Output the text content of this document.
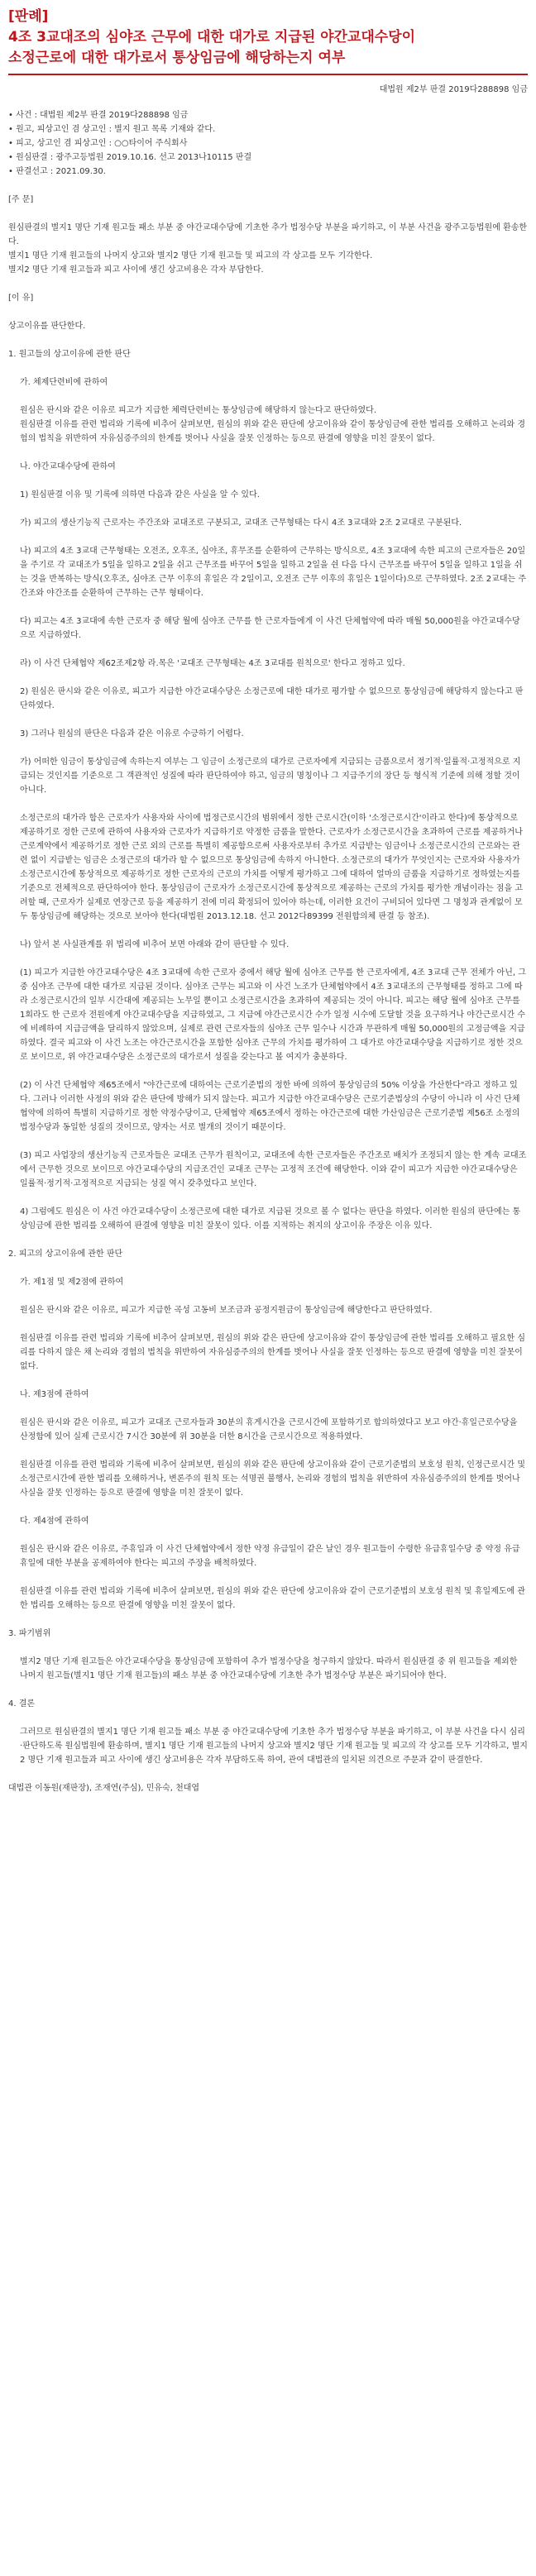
[판례]

4조 3교대조의 심야조 근무에 대한 대가로 지급된 야간교대수당이

소정근로에 대한 대가로서 통상임금에 해당하는지 여부

대법원 제2부 판결 2019다288898 임금

• 사건 : 대법원 제2부 판결 2019다288898 임금
• 원고, 피상고인 겸 상고인 : 별지 원고 목록 기재와 같다.
• 피고, 상고인 겸 피상고인 : ○○타이어 주식회사
• 원심판결 : 광주고등법원 2019.10.16. 선고 2013나10115 판결
• 판결선고 : 2021.09.30.

[주 문]

원심판결의 별지1 명단 기재 원고들 패소 부분 중 야간교대수당에 기초한 추가 법정수당 부분을 파기하고, 이 부분 사건을 광주고등법원에 환송한다.

별지1 명단 기재 원고들의 나머지 상고와 별지2 명단 기재 원고들 및 피고의 각 상고를 모두 기각한다.

별지2 명단 기재 원고들과 피고 사이에 생긴 상고비용은 각자 부담한다.

[이 유]

상고이유를 판단한다.

1. 원고들의 상고이유에 관한 판단

가. 체제단련비에 관하여

원심은 판시와 같은 이유로 피고가 지급한 체력단련비는 통상임금에 해당하지 않는다고 판단하였다.

원심판결 이유를 관련 법리와 기록에 비추어 살펴보면, 원심의 위와 같은 판단에 상고이유와 같이 통상임금에 관한 법리를 오해하고 논리와 경험의 법칙을 위반하여 자유심증주의의 한계를 벗어나 사실을 잘못 인정하는 등으로 판결에 영향을 미친 잘못이 없다.

나. 야간교대수당에 관하여

1) 원심판결 이유 및 기록에 의하면 다음과 같은 사실을 알 수 있다.

가) 피고의 생산기능직 근로자는 주간조와 교대조로 구분되고, 교대조 근무형태는 다시 4조 3교대와 2조 2교대로 구분된다.

나) 피고의 4조 3교대 근무형태는 오전조, 오후조, 심야조, 휴무조를 순환하여 근무하는 방식으로, 4조 3교대에 속한 피고의 근로자들은 20일을 주기로 각 교대조가 5일을 일하고 2일을 쉬고 근무조를 바꾸어 5일을 일하고 2일을 쉰 다음 다시 근무조를 바꾸어 5일을 일하고 1일을 쉬는 것을 반복하는 방식(오후조, 심야조 근무 이후의 휴일은 각 2일이고, 오전조 근무 이후의 휴일은 1일이다)으로 근무하였다. 2조 2교대는 주간조와 야간조를 순환하여 근무하는 근무 형태이다.

다) 피고는 4조 3교대에 속한 근로자 중 해당 월에 심야조 근무를 한 근로자들에게 이 사건 단체협약에 따라 매월 50,000원을 야간교대수당으로 지급하였다.

라) 이 사건 단체협약 제62조제2항 라.목은 '교대조 근무형태는 4조 3교대를 원칙으로' 한다고 정하고 있다.

2) 원심은 판시와 같은 이유로, 피고가 지급한 야간교대수당은 소정근로에 대한 대가로 평가할 수 없으므로 통상임금에 해당하지 않는다고 판단하였다.

3) 그러나 원심의 판단은 다음과 같은 이유로 수긍하기 어렵다.

가) 어떠한 임금이 통상임금에 속하는지 여부는 그 임금이 소정근로의 대가로 근로자에게 지급되는 금품으로서 정기적·일률적·고정적으로 지급되는 것인지를 기준으로 그 객관적인 성질에 따라 판단하여야 하고, 임금의 명칭이나 그 지급주기의 장단 등 형식적 기준에 의해 정할 것이 아니다.

소정근로의 대가라 함은 근로자가 사용자와 사이에 법정근로시간의 범위에서 정한 근로시간(이하 '소정근로시간'이라고 한다)에 통상적으로 제공하기로 정한 근로에 관하여 사용자와 근로자가 지급하기로 약정한 금품을 말한다. 근로자가 소정근로시간을 초과하여 근로를 제공하거나 근로계약에서 제공하기로 정한 근로 외의 근로를 특별히 제공함으로써 사용자로부터 추가로 지급받는 임금이나 소정근로시간의 근로와는 관련 없이 지급받는 임금은 소정근로의 대가라 할 수 없으므로 통상임금에 속하지 아니한다. 소정근로의 대가가 무엇인지는 근로자와 사용자가 소정근로시간에 통상적으로 제공하기로 정한 근로자의 근로의 가치를 어떻게 평가하고 그에 대하여 얼마의 금품을 지급하기로 정하였는지를 기준으로 전체적으로 판단하여야 한다. 통상임금이 근로자가 소정근로시간에 통상적으로 제공하는 근로의 가치를 평가한 개념이라는 점을 고려할 때, 근로자가 실제로 연장근로 등을 제공하기 전에 미리 확정되어 있어야 하는데, 이러한 요건이 구비되어 있다면 그 명칭과 관계없이 모두 통상임금에 해당하는 것으로 보아야 한다(대법원 2013.12.18. 선고 2012다89399 전원합의체 판결 등 참조).

나) 앞서 본 사실관계를 위 법리에 비추어 보면 아래와 같이 판단할 수 있다.

(1) 피고가 지급한 야간교대수당은 4조 3교대에 속한 근로자 중에서 해당 월에 심야조 근무를 한 근로자에게, 4조 3교대 근무 전체가 아닌, 그중 심야조 근무에 대한 대가로 지급된 것이다. 심야조 근무는 피고와 이 사건 노조가 단체협약에서 4조 3교대조의 근무형태를 정하고 그에 따라 소정근로시간의 일부 시간대에 제공되는 노무일 뿐이고 소정근로시간을 초과하여 제공되는 것이 아니다. 피고는 해당 월에 심야조 근무를 1회라도 한 근로자 전원에게 야간교대수당을 지급하였고, 그 지급에 야간근로시간 수가 일정 시수에 도달할 것을 요구하거나 야간근로시간 수에 비례하여 지급금액을 달리하지 않았으며, 실제로 관련 근로자들의 심야조 근무 일수나 시간과 무관하게 매월 50,000원의 고정금액을 지급하였다. 결국 피고와 이 사건 노조는 야간근로시간을 포함한 심야조 근무의 가치를 평가하여 그 대가로 야간교대수당을 지급하기로 정한 것으로 보이므로, 위 야간교대수당은 소정근로의 대가로서 성질을 갖는다고 볼 여지가 충분하다.

(2) 이 사건 단체협약 제65조에서 "야간근로에 대하여는 근로기준법의 정한 바에 의하여 통상임금의 50% 이상을 가산한다"라고 정하고 있다. 그러나 이러한 사정의 위와 같은 판단에 방해가 되지 않는다. 피고가 지급한 야간교대수당은 근로기준법상의 수당이 아니라 이 사건 단체협약에 의하여 특별히 지급하기로 정한 약정수당이고, 단체협약 제65조에서 정하는 야간근로에 대한 가산임금은 근로기준법 제56조 소정의 법정수당과 동일한 성질의 것이므로, 양자는 서로 별개의 것이기 때문이다.

(3) 피고 사업장의 생산기능직 근로자들은 교대조 근무가 원칙이고, 교대조에 속한 근로자들은 주간조로 배치가 조정되지 않는 한 계속 교대조에서 근무한 것으로 보이므로 야간교대수당의 지급조건인 교대조 근무는 고정적 조건에 해당한다. 이와 같이 피고가 지급한 야간교대수당은 일률적·정기적·고정적으로 지급되는 성질 역시 갖추었다고 보인다.

4) 그럼에도 원심은 이 사건 야간교대수당이 소정근로에 대한 대가로 지급된 것으로 볼 수 없다는 판단을 하였다. 이러한 원심의 판단에는 통상임금에 관한 법리를 오해하여 판결에 영향을 미친 잘못이 있다. 이를 지적하는 취지의 상고이유 주장은 이유 있다.

2. 피고의 상고이유에 관한 판단

가. 제1점 및 제2점에 관하여

원심은 판시와 같은 이유로, 피고가 지급한 곡성 고동비 보조금과 공정지원금이 통상임금에 해당한다고 판단하였다.

원심판결 이유를 관련 법리와 기록에 비추어 살펴보면, 원심의 위와 같은 판단에 상고이유와 같이 통상임금에 관한 법리를 오해하고 필요한 심리를 다하지 않은 채 논리와 경험의 법칙을 위반하여 자유심증주의의 한계를 벗어나 사실을 잘못 인정하는 등으로 판결에 영향을 미친 잘못이 없다.

나. 제3점에 관하여

원심은 판시와 같은 이유로, 피고가 교대조 근로자들과 30분의 휴게시간을 근로시간에 포함하기로 합의하였다고 보고 야간·휴일근로수당을 산정함에 있어 실제 근로시간 7시간 30분에 위 30분을 더한 8시간을 근로시간으로 적용하였다.

원심판결 이유를 관련 법리와 기록에 비추어 살펴보면, 원심의 위와 같은 판단에 상고이유와 같이 근로기준법의 보호성 원칙, 인정근로시간 및 소정근로시간에 관한 법리를 오해하거나, 변론주의 원칙 또는 석명권 불행사, 논리와 경험의 법칙을 위반하여 자유심증주의의 한계를 벗어나 사실을 잘못 인정하는 등으로 판결에 영향을 미친 잘못이 없다.

다. 제4점에 관하여

원심은 판시와 같은 이유로, 주휴일과 이 사건 단체협약에서 정한 약정 유급일이 같은 날인 경우 원고들이 수령한 유급휴일수당 중 약정 유급휴일에 대한 부분을 공제하여야 한다는 피고의 주장을 배척하였다.

원심판결 이유를 관련 법리와 기록에 비추어 살펴보면, 원심의 위와 같은 판단에 상고이유와 같이 근로기준법의 보호성 원칙 및 휴일제도에 관한 법리를 오해하는 등으로 판결에 영향을 미친 잘못이 없다.

3. 파기범위

별지2 명단 기재 원고들은 야간교대수당을 통상임금에 포함하여 추가 법정수당을 청구하지 않았다. 따라서 원심판결 중 위 원고들을 제외한 나머지 원고들(별지1 명단 기재 원고들)의 패소 부분 중 야간교대수당에 기초한 추가 법정수당 부분은 파기되어야 한다.

4. 결론

그러므로 원심판결의 별지1 명단 기재 원고들 패소 부분 중 야간교대수당에 기초한 추가 법정수당 부분을 파기하고, 이 부분 사건을 다시 심리·판단하도록 원심법원에 환송하며, 별지1 명단 기재 원고들의 나머지 상고와 별지2 명단 기재 원고들 및 피고의 각 상고를 모두 기각하고, 별지2 명단 기재 원고들과 피고 사이에 생긴 상고비용은 각자 부담하도록 하여, 관여 대법관의 일치된 의견으로 주문과 같이 판결한다.

대법관 이동원(재판장), 조재연(주심), 민유숙, 천대엽
